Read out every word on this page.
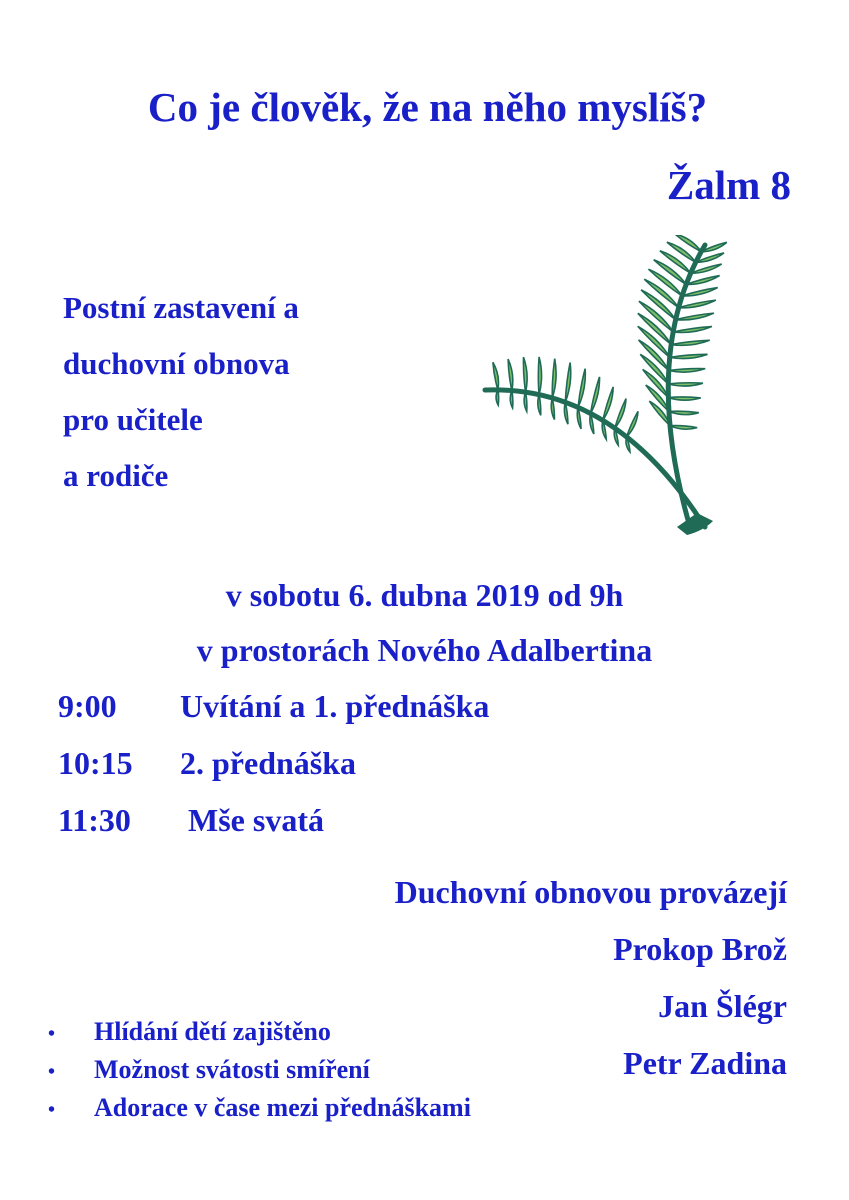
Co je člověk, že na něho myslíš?
Žalm 8
Postní zastavení a
duchovní obnova
pro učitele
a rodiče
v sobotu 6. dubna 2019 od 9h
v prostorách Nového Adalbertina
9:00 Uvítání a 1. přednáška
10:15 2. přednáška
11:30 Mše svatá
Duchovní obnovou provázejí
Prokop Brož
Jan Šlégr
Petr Zadina
• Hlídání dětí zajištěno
• Možnost svátosti smíření
• Adorace v čase mezi přednáškami
